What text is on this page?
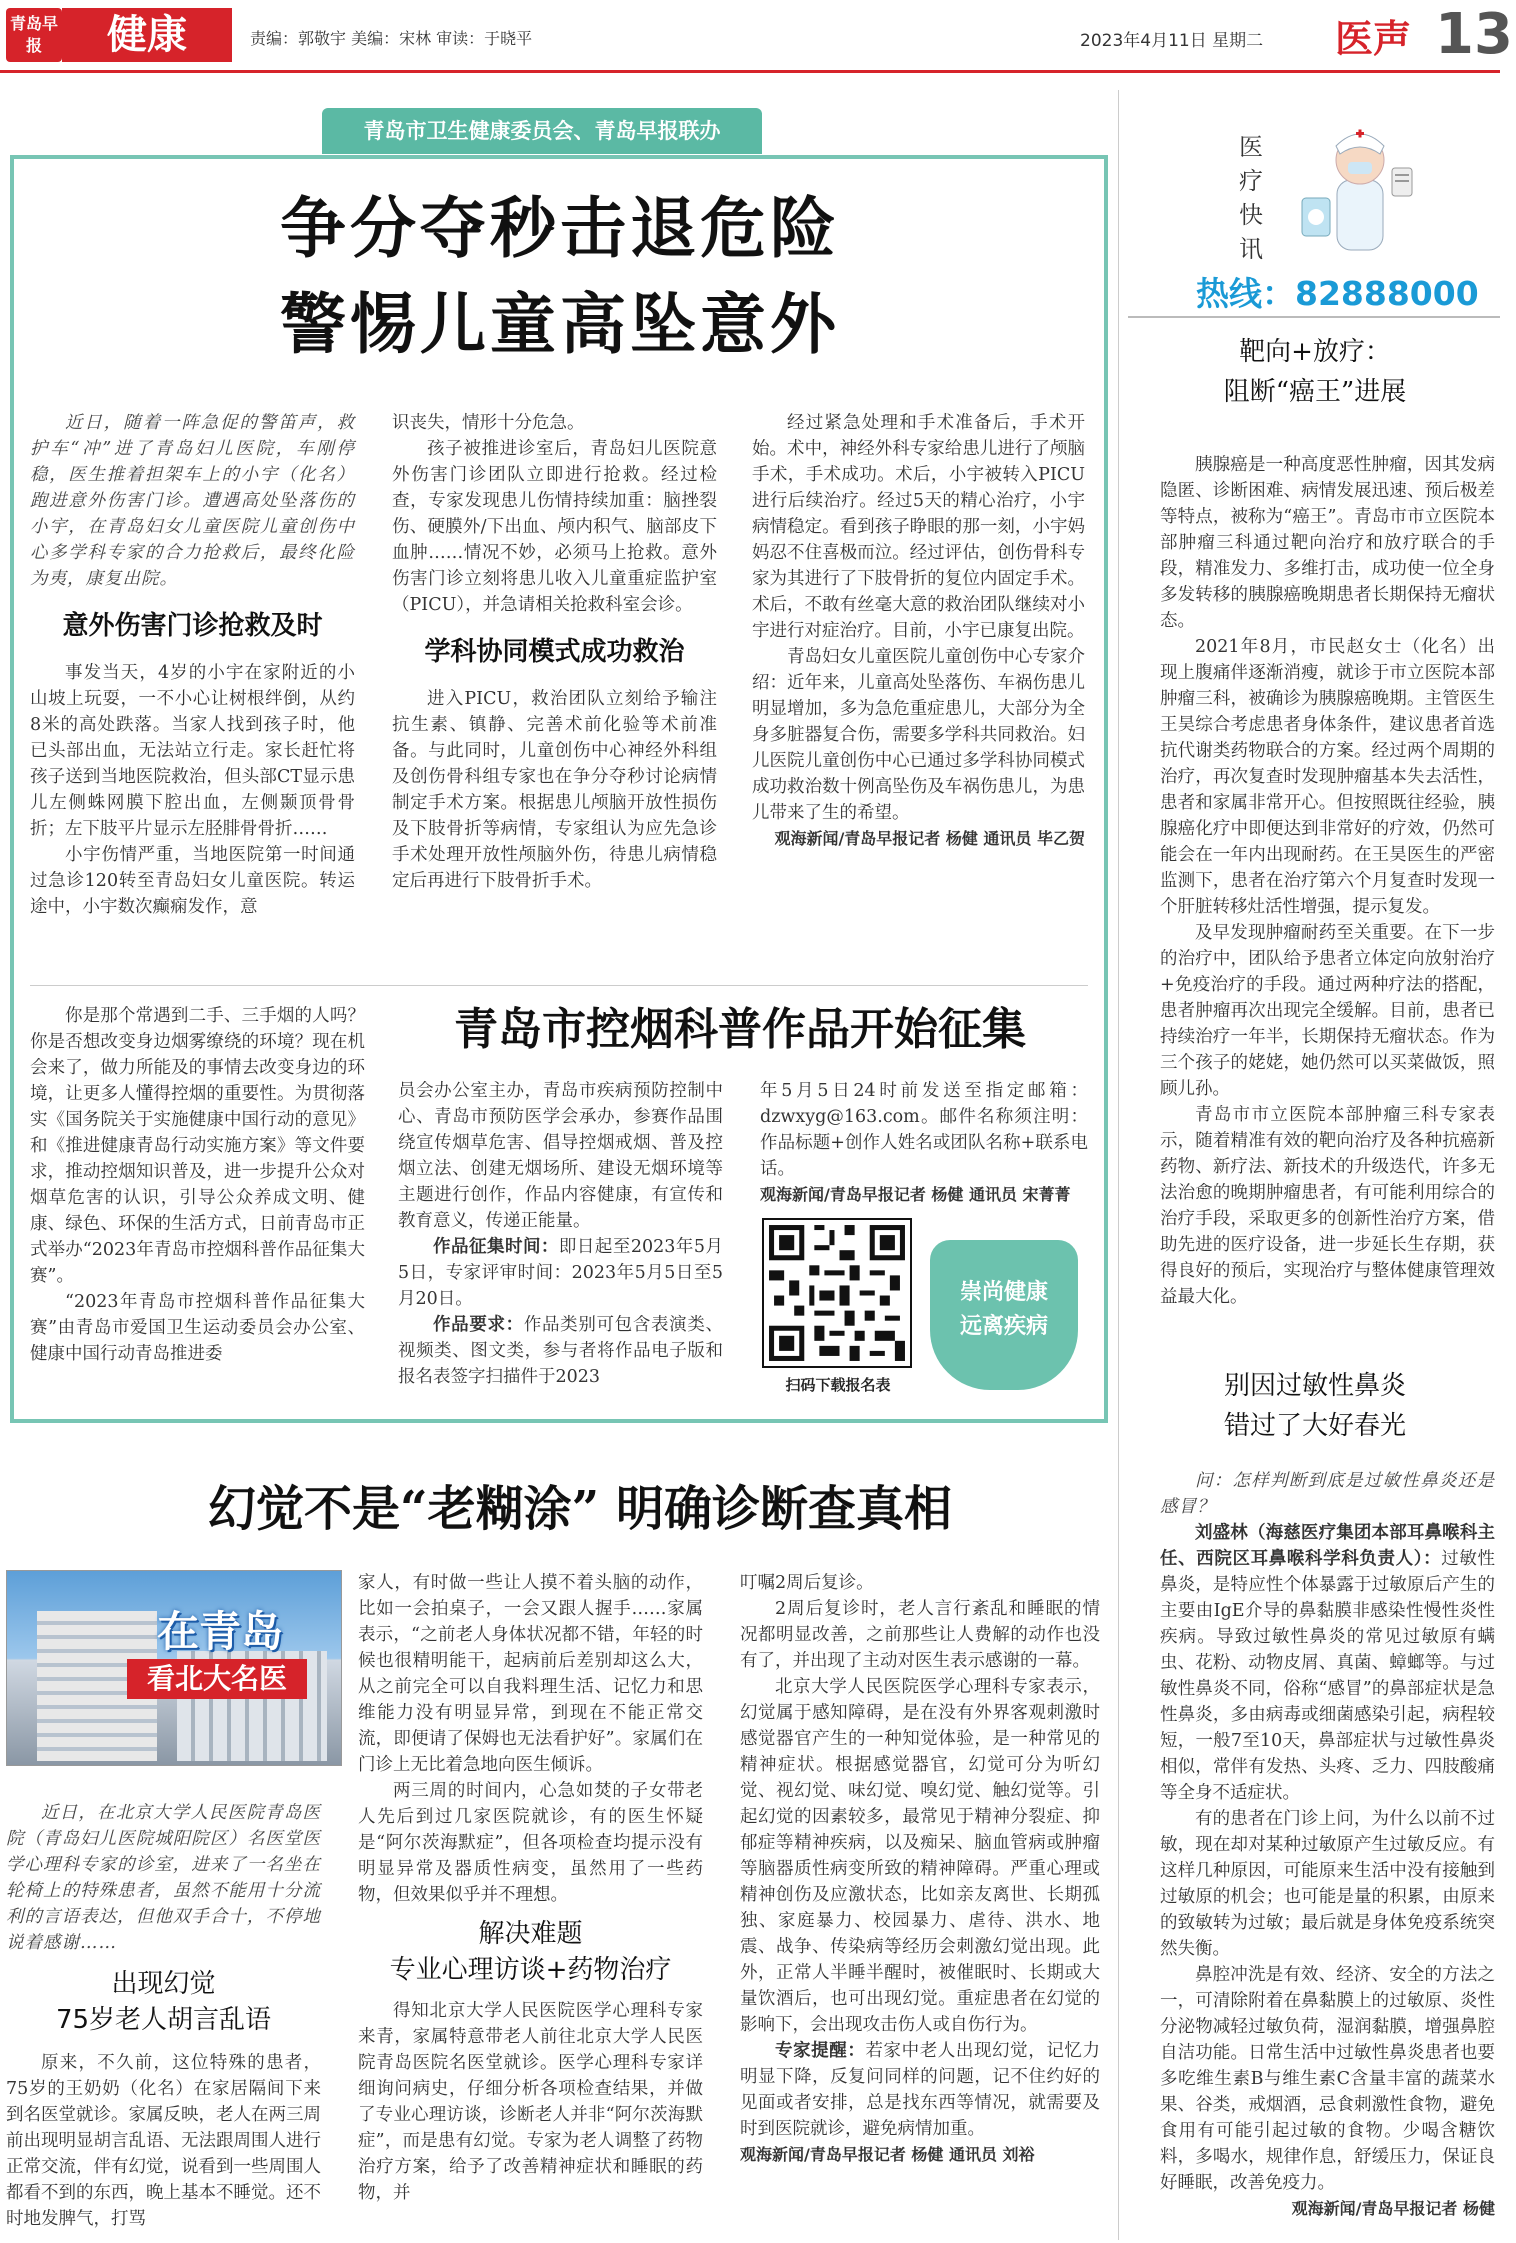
青岛早报	健康	责编：郭敬宇 美编：宋林 审读：于晓平	2023年4月11日 星期二 医声 13
青岛市卫生健康委员会、青岛早报联办
争分夺秒击退危险
警惕儿童高坠意外

近日，随着一阵急促的警笛声，救护车“冲”进了青岛妇儿医院，车刚停稳，医生推着担架车上的小宇（化名）跑进意外伤害门诊。遭遇高处坠落伤的小宇，在青岛妇女儿童医院儿童创伤中心多学科专家的合力抢救后，最终化险为夷，康复出院。

意外伤害门诊抢救及时

事发当天，4岁的小宇在家附近的小山坡上玩耍，一不小心让树根绊倒，从约8米的高处跌落。当家人找到孩子时，他已头部出血，无法站立行走。家长赶忙将孩子送到当地医院救治，但头部CT显示患儿左侧蛛网膜下腔出血，左侧颞顶骨骨折；左下肢平片显示左胫腓骨骨折……

小宇伤情严重，当地医院第一时间通过急诊120转至青岛妇女儿童医院。转运途中，小宇数次癫痫发作，意

识丧失，情形十分危急。

孩子被推进诊室后，青岛妇儿医院意外伤害门诊团队立即进行抢救。经过检查，专家发现患儿伤情持续加重：脑挫裂伤、硬膜外/下出血、颅内积气、脑部皮下血肿……情况不妙，必须马上抢救。意外伤害门诊立刻将患儿收入儿童重症监护室（PICU），并急请相关抢救科室会诊。

学科协同模式成功救治

进入PICU，救治团队立刻给予输注抗生素、镇静、完善术前化验等术前准备。与此同时，儿童创伤中心神经外科组及创伤骨科组专家也在争分夺秒讨论病情制定手术方案。根据患儿颅脑开放性损伤及下肢骨折等病情，专家组认为应先急诊手术处理开放性颅脑外伤，待患儿病情稳定后再进行下肢骨折手术。

经过紧急处理和手术准备后，手术开始。术中，神经外科专家给患儿进行了颅脑手术，手术成功。术后，小宇被转入PICU进行后续治疗。经过5天的精心治疗，小宇病情稳定。看到孩子睁眼的那一刻，小宇妈妈忍不住喜极而泣。经过评估，创伤骨科专家为其进行了下肢骨折的复位内固定手术。术后，不敢有丝毫大意的救治团队继续对小宇进行对症治疗。目前，小宇已康复出院。

青岛妇女儿童医院儿童创伤中心专家介绍：近年来，儿童高处坠落伤、车祸伤患儿明显增加，多为急危重症患儿，大部分为全身多脏器复合伤，需要多学科共同救治。妇儿医院儿童创伤中心已通过多学科协同模式成功救治数十例高坠伤及车祸伤患儿，为患儿带来了生的希望。

观海新闻/青岛早报记者 杨健 通讯员 毕乙贺

青岛市控烟科普作品开始征集

你是那个常遇到二手、三手烟的人吗？你是否想改变身边烟雾缭绕的环境？现在机会来了，做力所能及的事情去改变身边的环境，让更多人懂得控烟的重要性。为贯彻落实《国务院关于实施健康中国行动的意见》和《推进健康青岛行动实施方案》等文件要求，推动控烟知识普及，进一步提升公众对烟草危害的认识，引导公众养成文明、健康、绿色、环保的生活方式，日前青岛市正式举办“2023年青岛市控烟科普作品征集大赛”。

“2023年青岛市控烟科普作品征集大赛”由青岛市爱国卫生运动委员会办公室、健康中国行动青岛推进委

员会办公室主办，青岛市疾病预防控制中心、青岛市预防医学会承办，参赛作品围绕宣传烟草危害、倡导控烟戒烟、普及控烟立法、创建无烟场所、建设无烟环境等主题进行创作，作品内容健康，有宣传和教育意义，传递正能量。

作品征集时间：即日起至2023年5月5日，专家评审时间：2023年5月5日至5月20日。

作品要求：作品类别可包含表演类、视频类、图文类，参与者将作品电子版和报名表签字扫描件于2023

年5月5日24时前发送至指定邮箱：dzwxyg@163.com。邮件名称须注明：作品标题+创作人姓名或团队名称+联系电话。

观海新闻/青岛早报记者 杨健 通讯员 宋菁菁

扫码下载报名表
崇尚健康
远离疾病
医疗快讯
热线：82888000
靶向+放疗：
阻断“癌王”进展

胰腺癌是一种高度恶性肿瘤，因其发病隐匿、诊断困难、病情发展迅速、预后极差等特点，被称为“癌王”。青岛市市立医院本部肿瘤三科通过靶向治疗和放疗联合的手段，精准发力、多维打击，成功使一位全身多发转移的胰腺癌晚期患者长期保持无瘤状态。

2021年8月，市民赵女士（化名）出现上腹痛伴逐渐消瘦，就诊于市立医院本部肿瘤三科，被确诊为胰腺癌晚期。主管医生王昊综合考虑患者身体条件，建议患者首选抗代谢类药物联合的方案。经过两个周期的治疗，再次复查时发现肿瘤基本失去活性，患者和家属非常开心。但按照既往经验，胰腺癌化疗中即便达到非常好的疗效，仍然可能会在一年内出现耐药。在王昊医生的严密监测下，患者在治疗第六个月复查时发现一个肝脏转移灶活性增强，提示复发。

及早发现肿瘤耐药至关重要。在下一步的治疗中，团队给予患者立体定向放射治疗+免疫治疗的手段。通过两种疗法的搭配，患者肿瘤再次出现完全缓解。目前，患者已持续治疗一年半，长期保持无瘤状态。作为三个孩子的姥姥，她仍然可以买菜做饭，照顾儿孙。

青岛市市立医院本部肿瘤三科专家表示，随着精准有效的靶向治疗及各种抗癌新药物、新疗法、新技术的升级迭代，许多无法治愈的晚期肿瘤患者，有可能利用综合的治疗手段，采取更多的创新性治疗方案，借助先进的医疗设备，进一步延长生存期，获得良好的预后，实现治疗与整体健康管理效益最大化。

别因过敏性鼻炎
错过了大好春光

问：怎样判断到底是过敏性鼻炎还是感冒？

刘盛林（海慈医疗集团本部耳鼻喉科主任、西院区耳鼻喉科学科负责人）：过敏性鼻炎，是特应性个体暴露于过敏原后产生的主要由IgE介导的鼻黏膜非感染性慢性炎性疾病。导致过敏性鼻炎的常见过敏原有螨虫、花粉、动物皮屑、真菌、蟑螂等。与过敏性鼻炎不同，俗称“感冒”的鼻部症状是急性鼻炎，多由病毒或细菌感染引起，病程较短，一般7至10天，鼻部症状与过敏性鼻炎相似，常伴有发热、头疼、乏力、四肢酸痛等全身不适症状。

有的患者在门诊上问，为什么以前不过敏，现在却对某种过敏原产生过敏反应。有这样几种原因，可能原来生活中没有接触到过敏原的机会；也可能是量的积累，由原来的致敏转为过敏；最后就是身体免疫系统突然失衡。

鼻腔冲洗是有效、经济、安全的方法之一，可清除附着在鼻黏膜上的过敏原、炎性分泌物减轻过敏负荷，湿润黏膜，增强鼻腔自洁功能。日常生活中过敏性鼻炎患者也要多吃维生素B与维生素C含量丰富的蔬菜水果、谷类，戒烟酒，忌食刺激性食物，避免食用有可能引起过敏的食物。少喝含糖饮料，多喝水，规律作息，舒缓压力，保证良好睡眠，改善免疫力。

观海新闻/青岛早报记者 杨健

幻觉不是“老糊涂” 明确诊断查真相
在青岛
看北大名医

近日，在北京大学人民医院青岛医院（青岛妇儿医院城阳院区）名医堂医学心理科专家的诊室，进来了一名坐在轮椅上的特殊患者，虽然不能用十分流利的言语表达，但他双手合十，不停地说着感谢……

出现幻觉
75岁老人胡言乱语

原来，不久前，这位特殊的患者，75岁的王奶奶（化名）在家居隔间下来到名医堂就诊。家属反映，老人在两三周前出现明显胡言乱语、无法跟周围人进行正常交流，伴有幻觉，说看到一些周围人都看不到的东西，晚上基本不睡觉。还不时地发脾气，打骂

家人，有时做一些让人摸不着头脑的动作，比如一会拍桌子，一会又跟人握手……家属表示，“之前老人身体状况都不错，年轻的时候也很精明能干，起病前后差别却这么大，从之前完全可以自我料理生活、记忆力和思维能力没有明显异常，到现在不能正常交流，即便请了保姆也无法看护好”。家属们在门诊上无比着急地向医生倾诉。

两三周的时间内，心急如焚的子女带老人先后到过几家医院就诊，有的医生怀疑是“阿尔茨海默症”，但各项检查均提示没有明显异常及器质性病变，虽然用了一些药物，但效果似乎并不理想。

解决难题
专业心理访谈+药物治疗

得知北京大学人民医院医学心理科专家来青，家属特意带老人前往北京大学人民医院青岛医院名医堂就诊。医学心理科专家详细询问病史，仔细分析各项检查结果，并做了专业心理访谈，诊断老人并非“阿尔茨海默症”，而是患有幻觉。专家为老人调整了药物治疗方案，给予了改善精神症状和睡眠的药物，并

叮嘱2周后复诊。

2周后复诊时，老人言行紊乱和睡眠的情况都明显改善，之前那些让人费解的动作也没有了，并出现了主动对医生表示感谢的一幕。

北京大学人民医院医学心理科专家表示，幻觉属于感知障碍，是在没有外界客观刺激时感觉器官产生的一种知觉体验，是一种常见的精神症状。根据感觉器官，幻觉可分为听幻觉、视幻觉、味幻觉、嗅幻觉、触幻觉等。引起幻觉的因素较多，最常见于精神分裂症、抑郁症等精神疾病，以及痴呆、脑血管病或肿瘤等脑器质性病变所致的精神障碍。严重心理或精神创伤及应激状态，比如亲友离世、长期孤独、家庭暴力、校园暴力、虐待、洪水、地震、战争、传染病等经历会刺激幻觉出现。此外，正常人半睡半醒时，被催眠时、长期或大量饮酒后，也可出现幻觉。重症患者在幻觉的影响下，会出现攻击伤人或自伤行为。

专家提醒：若家中老人出现幻觉，记忆力明显下降，反复问同样的问题，记不住约好的见面或者安排，总是找东西等情况，就需要及时到医院就诊，避免病情加重。

观海新闻/青岛早报记者 杨健 通讯员 刘裕
